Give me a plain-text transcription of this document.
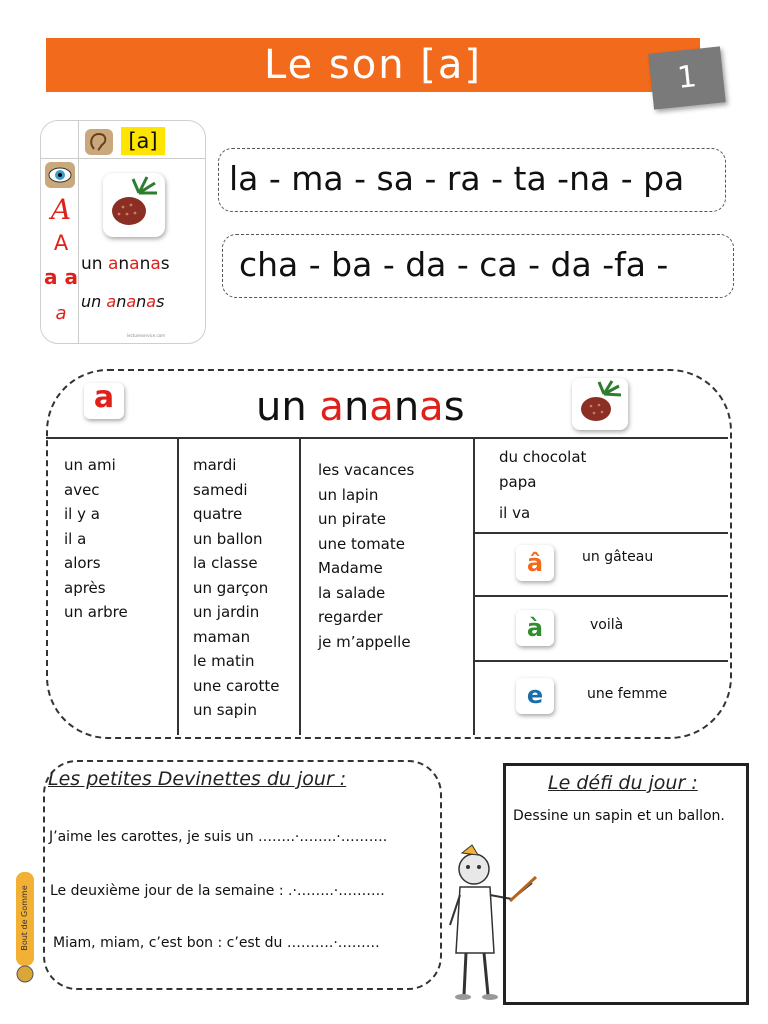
Le son [a]	1
[a]
A
A
a a
a
un ananas
un ananas
lectureservice.com
la - ma - sa - ra - ta -na - pa
cha - ba - da - ca - da -fa -
a	un ananas
un ami
avec
il y a
il a
alors
après
un arbre
mardi
samedi
quatre
un ballon
la classe
un garçon
un jardin
maman
le matin
une carotte
un sapin
les vacances
un lapin
un pirate
une tomate
Madame
la salade
regarder
je m’appelle
du chocolat
papa
il va
â	un gâteau
à	voilà
e	une femme
Les petites Devinettes du jour :
J’aime les carottes, je suis un ……..·……..·……….
Le deuxième jour de la semaine : .·……..·……….
Miam, miam, c’est bon : c’est du ……….·………
Bout de Gomme
Le défi du jour :
Dessine un sapin et un ballon.
